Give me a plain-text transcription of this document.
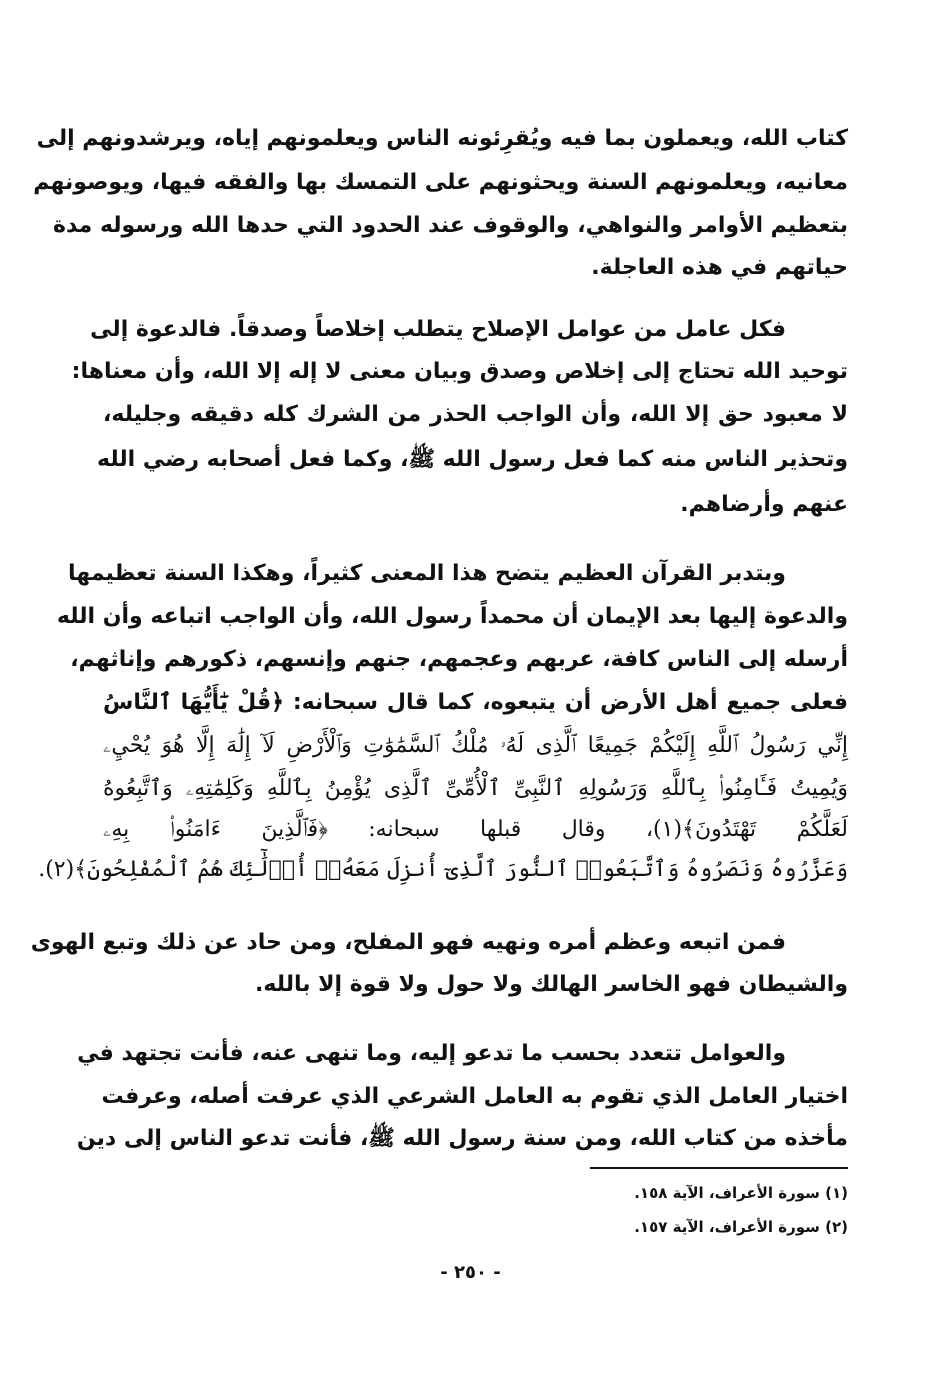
كتاب الله، ويعملون بما فيه ويُقرِئونه الناس ويعلمونهم إياه، ويرشدونهم إلى
معانيه، ويعلمونهم السنة ويحثونهم على التمسك بها والفقه فيها، ويوصونهم
بتعظيم الأوامر والنواهي، والوقوف عند الحدود التي حدها الله ورسوله مدة
حياتهم في هذه العاجلة.
فكل عامل من عوامل الإصلاح يتطلب إخلاصاً وصدقاً. فالدعوة إلى
توحيد الله تحتاج إلى إخلاص وصدق وبيان معنى لا إله إلا الله، وأن معناها:
لا معبود حق إلا الله، وأن الواجب الحذر من الشرك كله دقيقه وجليله،
وتحذير الناس منه كما فعل رسول الله ﷺ، وكما فعل أصحابه رضي الله
عنهم وأرضاهم.
وبتدبر القرآن العظيم يتضح هذا المعنى كثيراً، وهكذا السنة تعظيمها
والدعوة إليها بعد الإيمان أن محمداً رسول الله، وأن الواجب اتباعه وأن الله
أرسله إلى الناس كافة، عربهم وعجمهم، جنهم وإنسهم، ذكورهم وإناثهم،
فعلى جميع أهل الأرض أن يتبعوه، كما قال سبحانه: ﴿قُلْ يَٰٓأَيُّهَا ٱلنَّاسُ
إِنِّي رَسُولُ ٱللَّهِ إِلَيْكُمْ جَمِيعًا ٱلَّذِى لَهُۥ مُلْكُ ٱلسَّمَٰوَٰتِ وَٱلْأَرْضِ لَآ إِلَٰهَ إِلَّا هُوَ يُحْيِۦ
وَيُمِيتُ فَـَٔامِنُوا۟ بِٱللَّهِ وَرَسُولِهِ ٱلنَّبِىِّ ٱلْأُمِّىِّ ٱلَّذِى يُؤْمِنُ بِٱللَّهِ وَكَلِمَٰتِهِۦ وَٱتَّبِعُوهُ
لَعَلَّكُمْ تَهْتَدُونَ﴾(١)، وقال قبلها سبحانه: ﴿فَٱلَّذِينَ ءَامَنُوا۟ بِهِۦ
وَعَزَّرُوهُ وَنَصَرُوهُ وَٱتَّبَعُوا۟ ٱلنُّورَ ٱلَّذِىٓ أُنزِلَ مَعَهُۥٓ أُو۟لَٰٓئِكَ هُمُ ٱلْمُفْلِحُونَ﴾(٢).
فمن اتبعه وعظم أمره ونهيه فهو المفلح، ومن حاد عن ذلك وتبع الهوى
والشيطان فهو الخاسر الهالك ولا حول ولا قوة إلا بالله.
والعوامل تتعدد بحسب ما تدعو إليه، وما تنهى عنه، فأنت تجتهد في
اختيار العامل الذي تقوم به العامل الشرعي الذي عرفت أصله، وعرفت
مأخذه من كتاب الله، ومن سنة رسول الله ﷺ، فأنت تدعو الناس إلى دين
(١) سورة الأعراف، الآية ١٥٨.
(٢) سورة الأعراف، الآية ١٥٧.
- ٢٥٠ -
